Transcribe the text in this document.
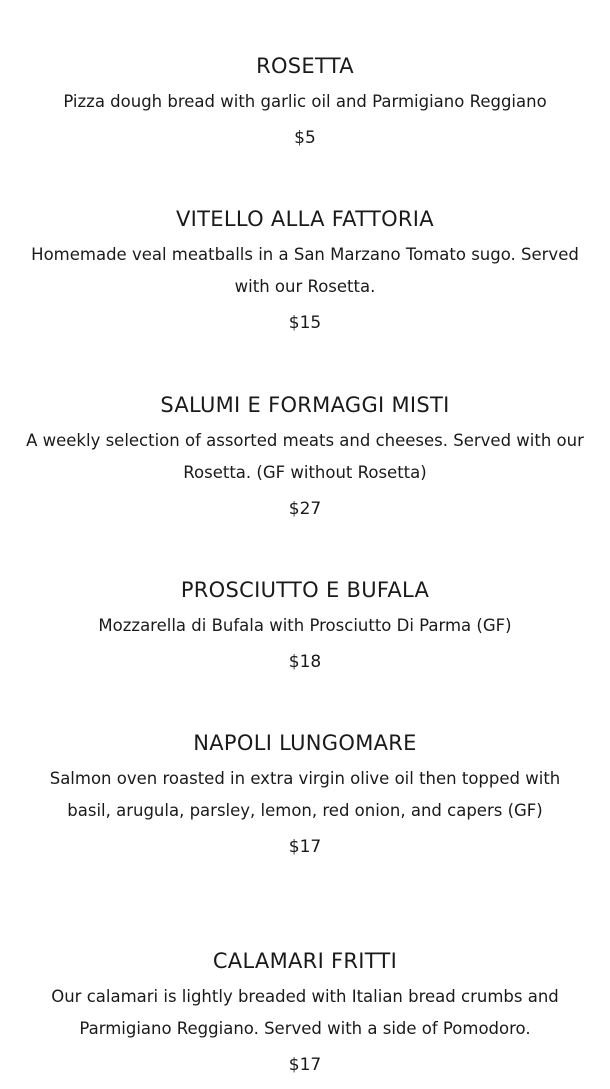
ROSETTA
Pizza dough bread with garlic oil and Parmigiano Reggiano
$5
VITELLO ALLA FATTORIA
Homemade veal meatballs in a San Marzano Tomato sugo. Served with our Rosetta.
$15
SALUMI E FORMAGGI MISTI
A weekly selection of assorted meats and cheeses. Served with our Rosetta. (GF without Rosetta)
$27
PROSCIUTTO E BUFALA
Mozzarella di Bufala with Prosciutto Di Parma (GF)
$18
NAPOLI LUNGOMARE
Salmon oven roasted in extra virgin olive oil then topped with basil, arugula, parsley, lemon, red onion, and capers (GF)
$17
CALAMARI FRITTI
Our calamari is lightly breaded with Italian bread crumbs and Parmigiano Reggiano. Served with a side of Pomodoro.
$17
